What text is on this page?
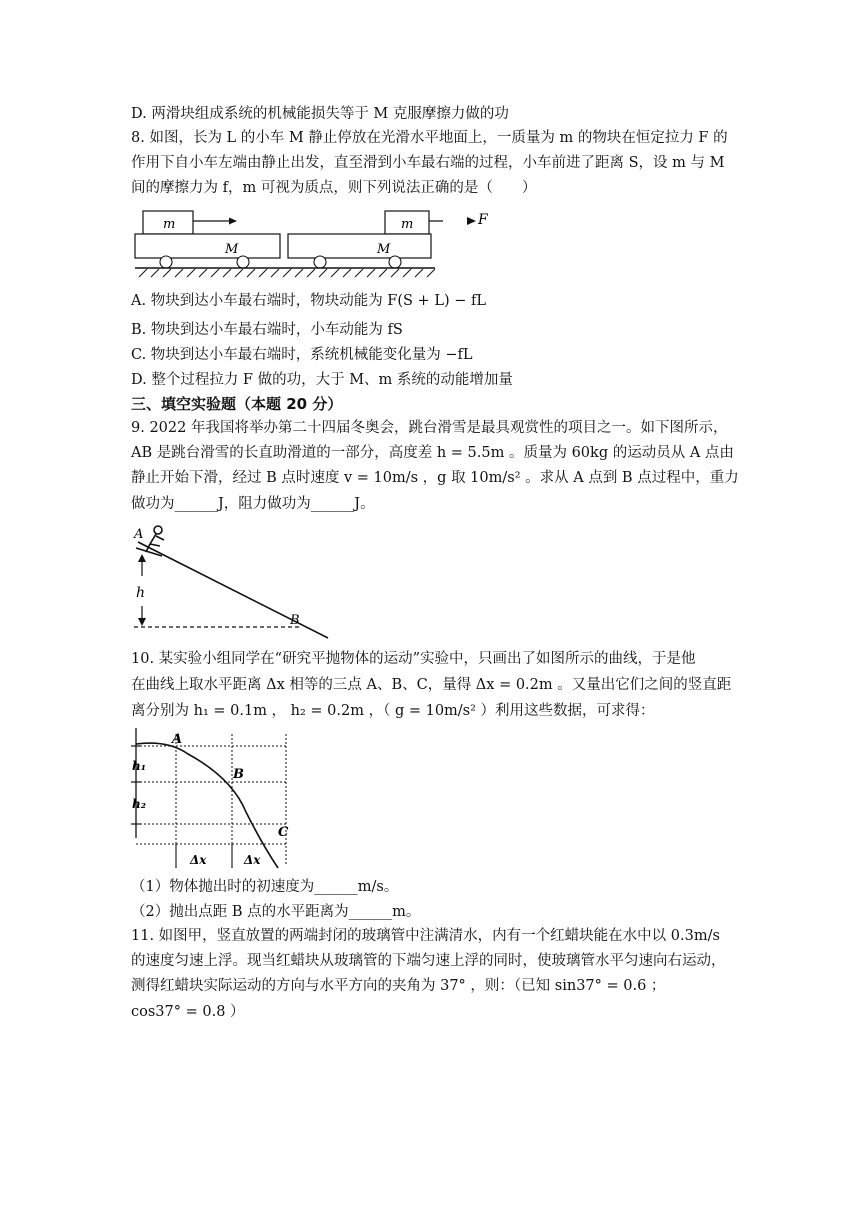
D. 两滑块组成系统的机械能损失等于 M 克服摩擦力做的功
8. 如图，长为 L 的小车 M 静止停放在光滑水平地面上，一质量为 m 的物块在恒定拉力 F 的
作用下自小车左端由静止出发，直至滑到小车最右端的过程，小车前进了距离 S，设 m 与 M
间的摩擦力为 f，m 可视为质点，则下列说法正确的是（　　）
m
M
m
M
F
A. 物块到达小车最右端时，物块动能为 F(S + L) − fL
B. 物块到达小车最右端时，小车动能为 fS
C. 物块到达小车最右端时，系统机械能变化量为 −fL
D. 整个过程拉力 F 做的功，大于 M、m 系统的动能增加量
三、填空实验题（本题 20 分）
9. 2022 年我国将举办第二十四届冬奥会，跳台滑雪是最具观赏性的项目之一。如下图所示，
AB 是跳台滑雪的长直助滑道的一部分，高度差 h = 5.5m 。质量为 60kg 的运动员从 A 点由
静止开始下滑，经过 B 点时速度 v = 10m/s ，g 取 10m/s² 。求从 A 点到 B 点过程中，重力
做功为______J，阻力做功为______J。
A
h
B
10. 某实验小组同学在“研究平抛物体的运动”实验中，只画出了如图所示的曲线，于是他
在曲线上取水平距离 Δx 相等的三点 A、B、C，量得 Δx = 0.2m 。又量出它们之间的竖直距
离分别为 h₁ = 0.1m ， h₂ = 0.2m ，（ g = 10m/s² ）利用这些数据，可求得：
A
B
C
h₁
h₂
Δx	Δx
（1）物体抛出时的初速度为______m/s。
（2）抛出点距 B 点的水平距离为______m。
11. 如图甲，竖直放置的两端封闭的玻璃管中注满清水，内有一个红蜡块能在水中以 0.3m/s
的速度匀速上浮。现当红蜡块从玻璃管的下端匀速上浮的同时，使玻璃管水平匀速向右运动，
测得红蜡块实际运动的方向与水平方向的夹角为 37° ，则：（已知 sin37° = 0.6 ；
cos37° = 0.8 ）
